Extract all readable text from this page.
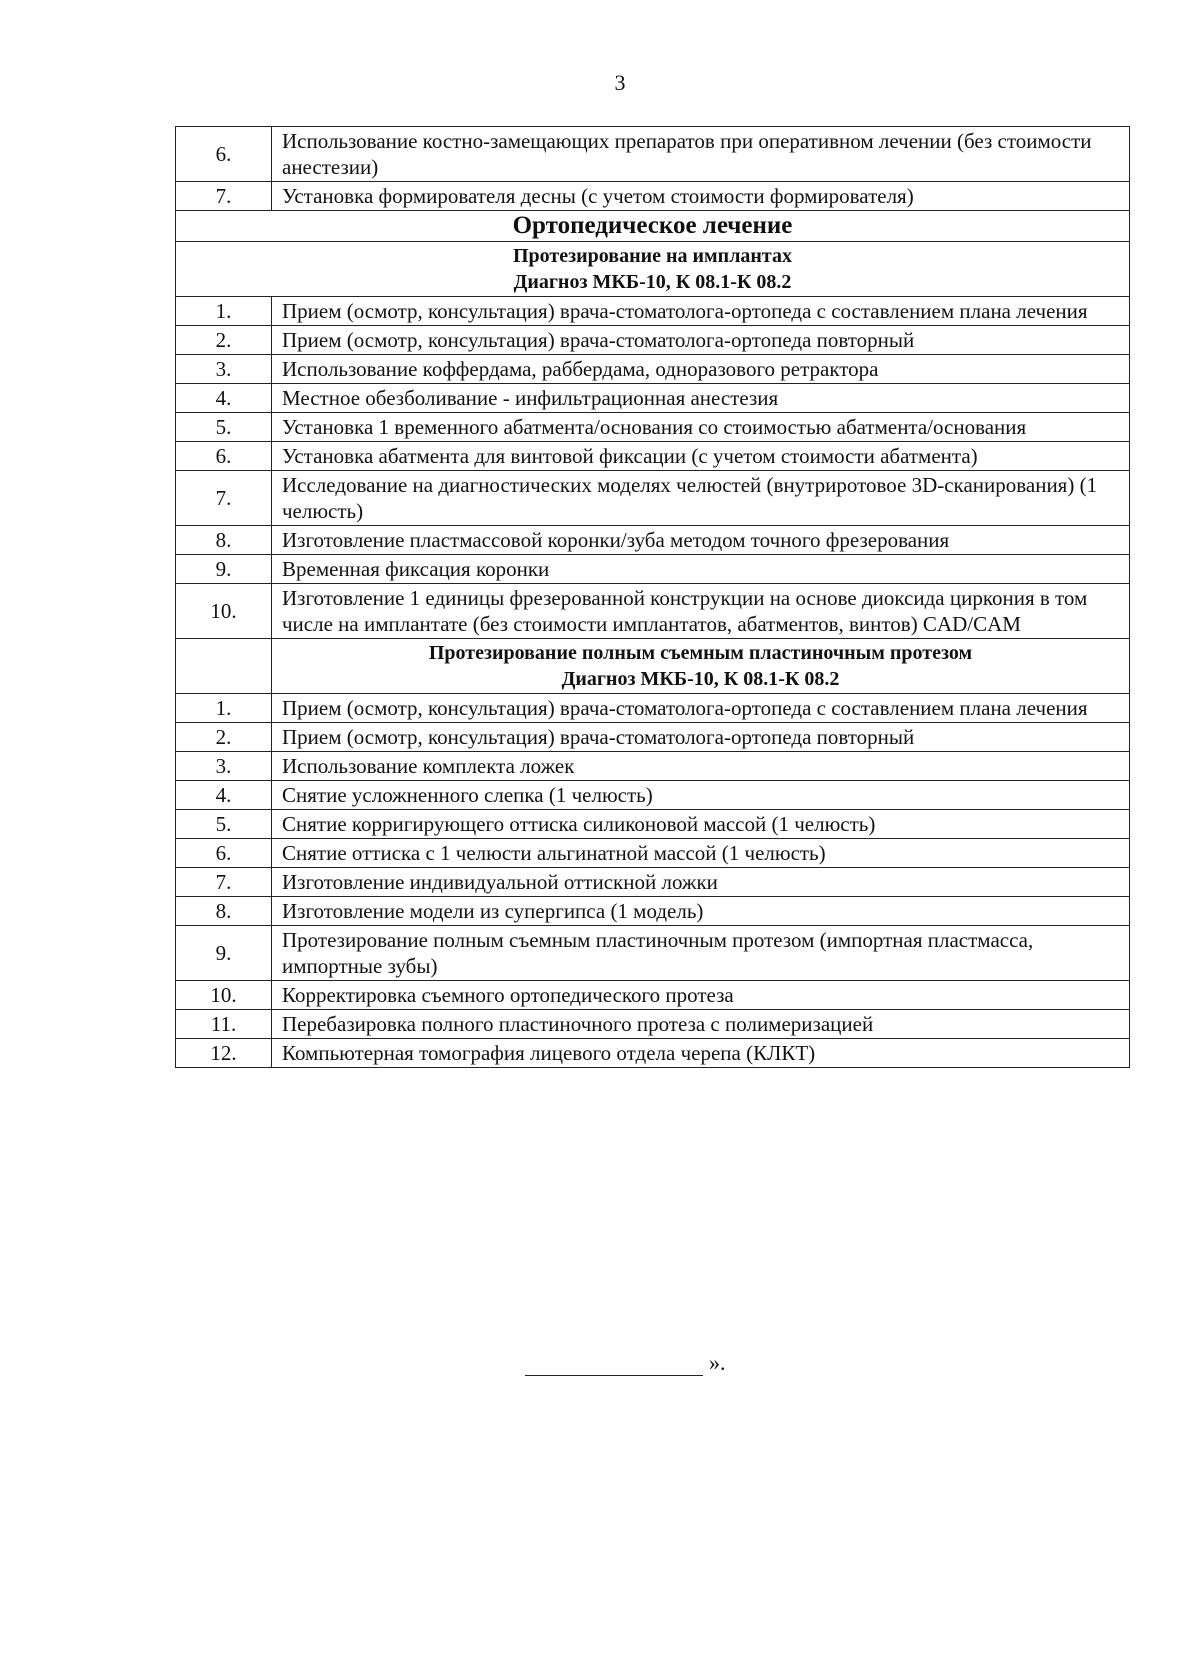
3
6.	Использование костно-замещающих препаратов при оперативном лечении (без стоимости анестезии)
7.	Установка формирователя десны (с учетом стоимости формирователя)
Ортопедическое лечение	

Протезирование на имплантах
Диагноз МКБ-10, К 08.1-К 08.2	

1.	Прием (осмотр, консультация) врача-стоматолога-ортопеда с составлением плана лечения
2.	Прием (осмотр, консультация) врача-стоматолога-ортопеда повторный
3.	Использование коффердама, раббердама, одноразового ретрактора
4.	Местное обезболивание - инфильтрационная анестезия
5.	Установка 1 временного абатмента/основания со стоимостью абатмента/основания
6.	Установка абатмента для винтовой фиксации (с учетом стоимости абатмента)
7.	Исследование на диагностических моделях челюстей (внутриротовое 3D-сканирования) (1 челюсть)
8.	Изготовление пластмассовой коронки/зуба методом точного фрезерования
9.	Временная фиксация коронки
10.	Изготовление 1 единицы фрезерованной конструкции на основе диоксида циркония в том числе на имплантате (без стоимости имплантатов, абатментов, винтов) CAD/CAM

	Протезирование полным съемным пластиночным протезом
Диагноз МКБ-10, К 08.1-К 08.2

1.	Прием (осмотр, консультация) врача-стоматолога-ортопеда с составлением плана лечения
2.	Прием (осмотр, консультация) врача-стоматолога-ортопеда повторный
3.	Использование комплекта ложек
4.	Снятие усложненного слепка (1 челюсть)
5.	Снятие корригирующего оттиска силиконовой массой (1 челюсть)
6.	Снятие оттиска с 1 челюсти альгинатной массой (1 челюсть)
7.	Изготовление индивидуальной оттискной ложки
8.	Изготовление модели из супергипса (1 модель)
9.	Протезирование полным съемным пластиночным протезом (импортная пластмасса, импортные зубы)
10.	Корректировка съемного ортопедического протеза
11.	Перебазировка полного пластиночного протеза с полимеризацией
12.	Компьютерная томография лицевого отдела черепа (КЛКТ)
».
